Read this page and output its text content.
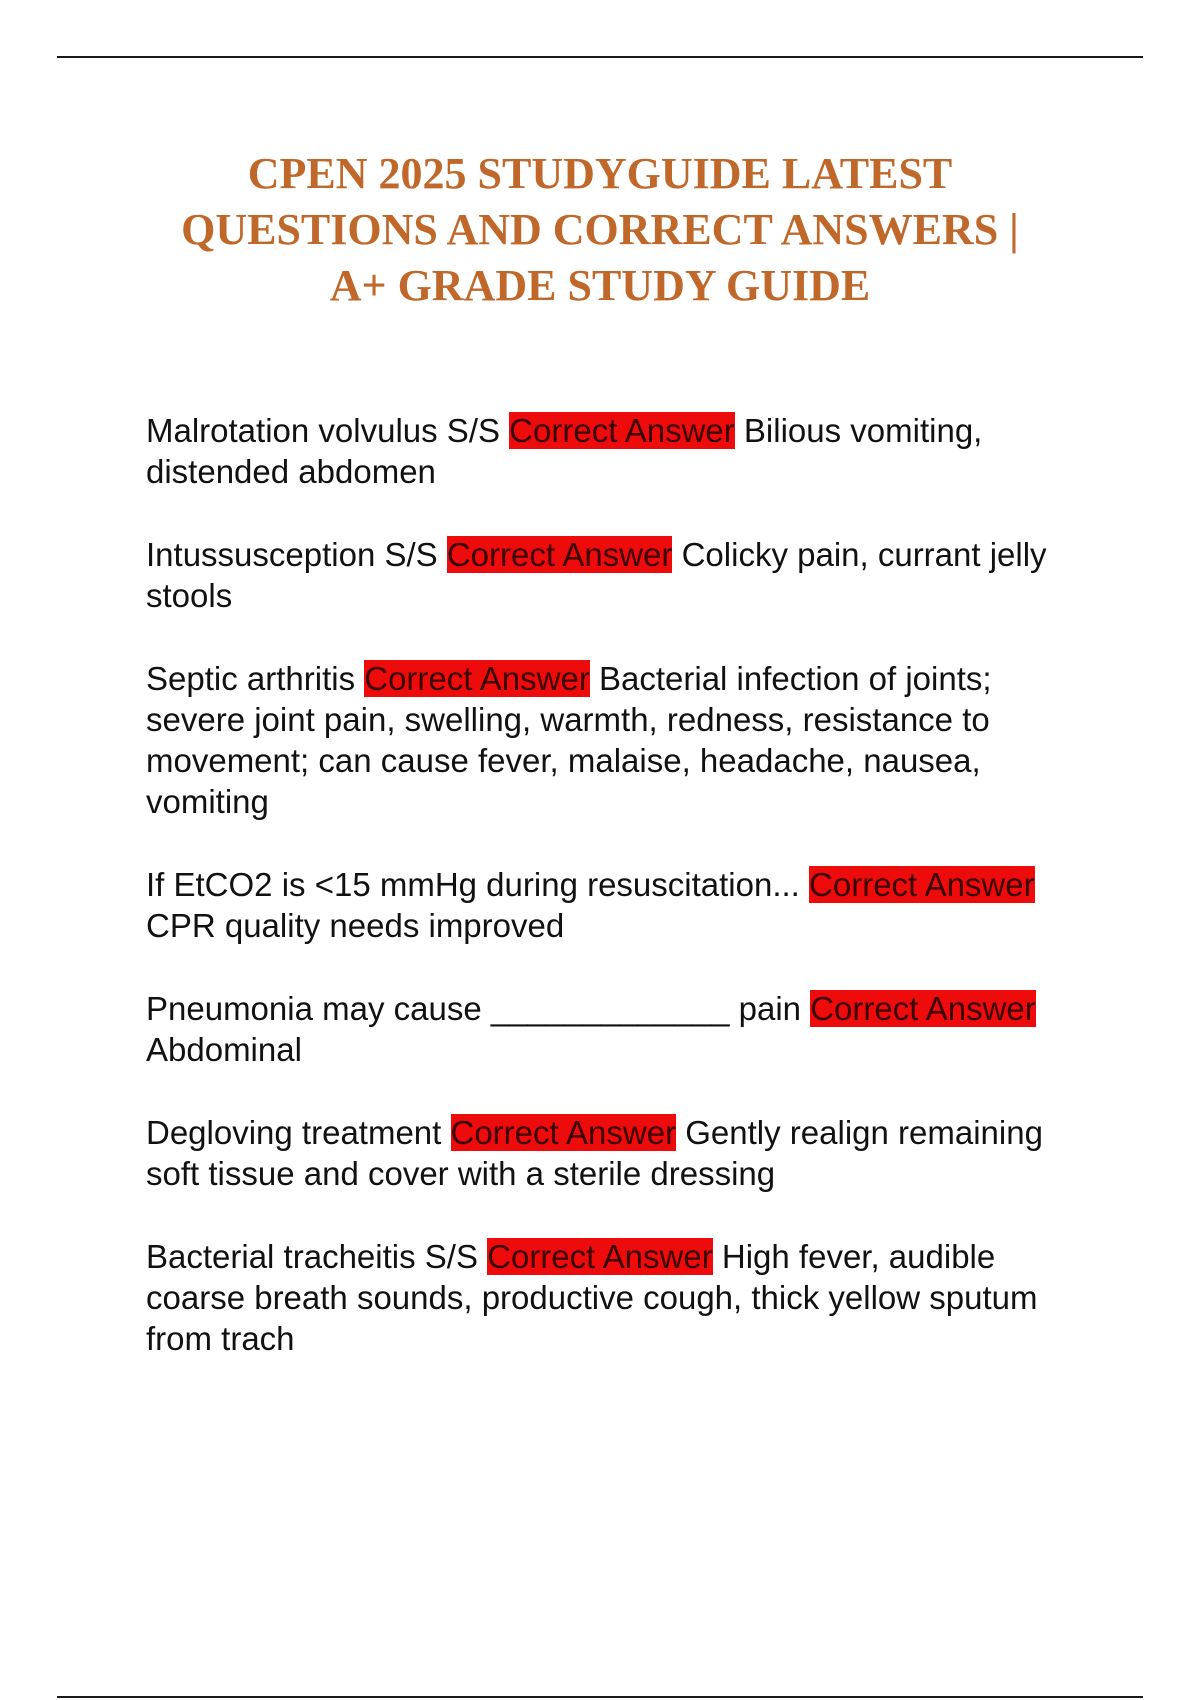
CPEN 2025 STUDYGUIDE LATEST
QUESTIONS AND CORRECT ANSWERS |
A+ GRADE STUDY GUIDE

Malrotation volvulus S/S Correct Answer Bilious vomiting, distended abdomen

Intussusception S/S Correct Answer Colicky pain, currant jelly stools

Septic arthritis Correct Answer Bacterial infection of joints; severe joint pain, swelling, warmth, redness, resistance to movement; can cause fever, malaise, headache, nausea, vomiting

If EtCO2 is <15 mmHg during resuscitation... Correct Answer CPR quality needs improved

Pneumonia may cause _____________ pain Correct Answer Abdominal

Degloving treatment Correct Answer Gently realign remaining soft tissue and cover with a sterile dressing

Bacterial tracheitis S/S Correct Answer High fever, audible coarse breath sounds, productive cough, thick yellow sputum from trach
